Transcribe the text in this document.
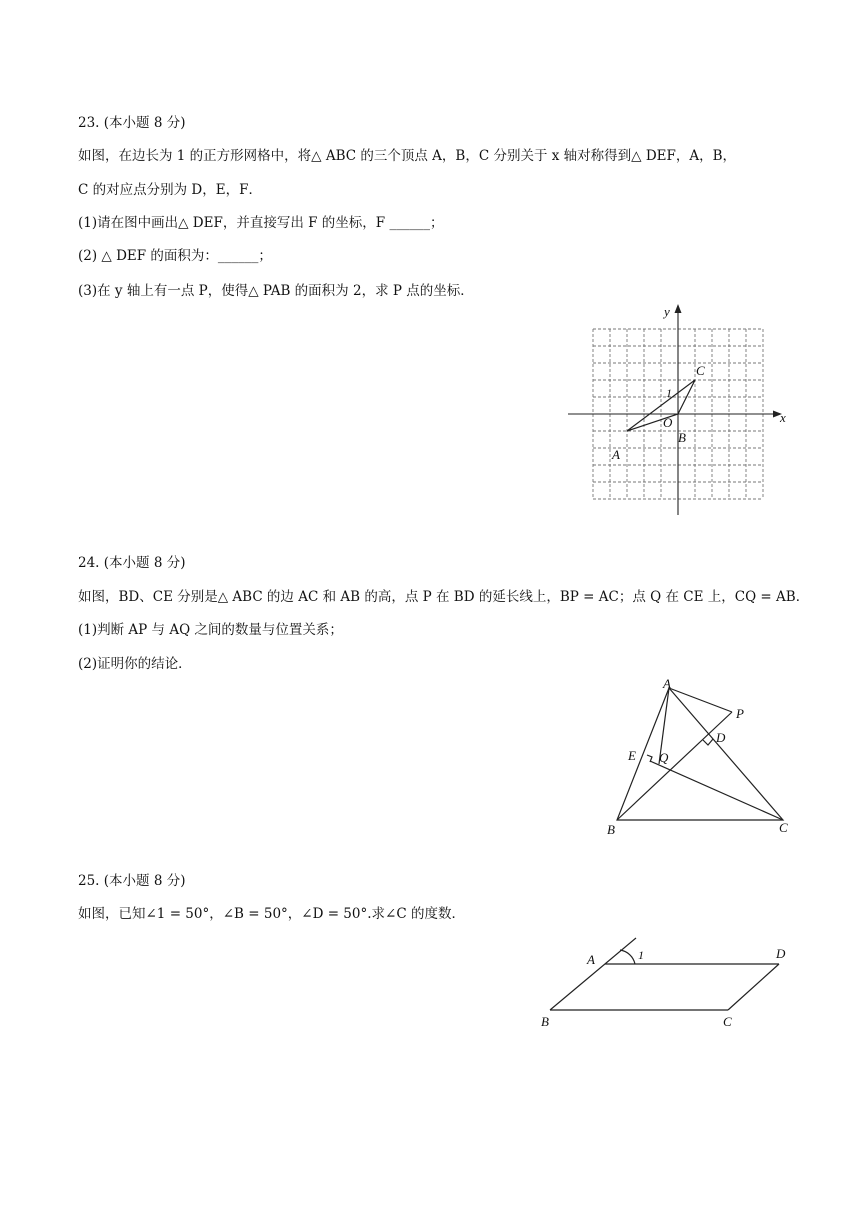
23. (本小题 8 分)
如图，在边长为 1 的正方形网格中，将△ ABC 的三个顶点 A，B，C 分别关于 x 轴对称得到△ DEF，A，B，
C 的对应点分别为 D，E，F．
(1)请在图中画出△ DEF，并直接写出 F 的坐标，F ______；
(2) △ DEF 的面积为：______；
(3)在 y 轴上有一点 P，使得△ PAB 的面积为 2，求 P 点的坐标．
x
y
1
O
A
B
C
24. (本小题 8 分)
如图，BD、CE 分别是△ ABC 的边 AC 和 AB 的高，点 P 在 BD 的延长线上，BP = AC；点 Q 在 CE 上，CQ = AB．
(1)判断 AP 与 AQ 之间的数量与位置关系；
(2)证明你的结论．
A
P
D
E Q
B	C
25. (本小题 8 分)
如图，已知∠1 = 50°，∠B = 50°，∠D = 50°.求∠C 的度数．
A	1	D
B	C
